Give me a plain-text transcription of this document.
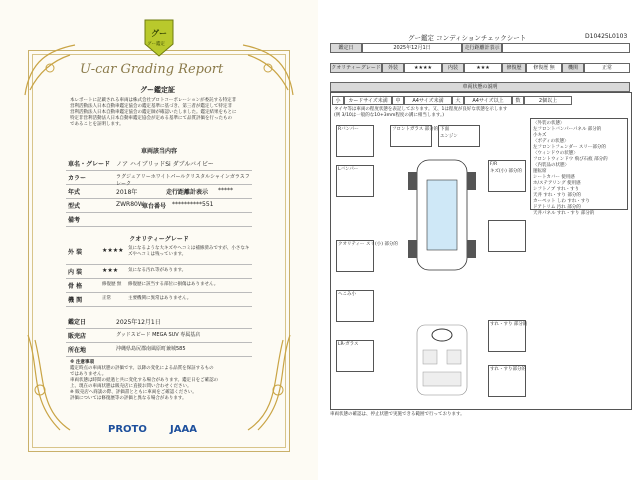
グー
グー鑑定
U-car Grading Report
グー鑑定証
本レポートに記載される車両は株式会社プロトコーポレーションが委託する特定非
営利活動法人日本自動車鑑定協会の鑑定基準に基づき、第三者が鑑定して特定非
営利活動法人日本自動車鑑定協会の鑑定師が確認いたしました。鑑定結果をもとに
特定非営利活動法人日本自動車鑑定協会が定める基準にて品質評価を行ったもの
であることを証明します。
車両該当内容
車名・グレード ノア ハイブリッドSi ダブルバイビー
カラー	ラグジュアリーホワイトパールクリスタルシャインガラスフレーク
年式	2018年	走行距離計表示 *****
型式	ZWR80W
車台番号 **********551
備考
クオリティーグレード
外 装	★★★★ 気になるような大キズやヘコミは補修済みですが、小さなキズやヘコミは残っています。
内 装	★★★ 気になる汚れ等があります。
骨 格	修復歴 無 修復歴に該当する部位に損傷はありません。
機 関	正常	主要機関に異常はありません。
鑑定日	2025年12月1日
販売店	グッドスピード MEGA SUV 専属基店
所在地	沖縄県島尻郡南風原町兼城585
※ 注意事項
鑑定時点の車両状態の評価です。以降の変化による品質を保証するもの
ではありません。
車両状態は時間の経過と共に変化する場合があります。鑑定日をご確認の
上、現在の車両状態は販売店に直接お問い合わせください。
※ 販売店へ商談の際、評価書とともに車両をご確認ください。
評価については修復歴等の評価と異なる場合があります。
PROTO JAAA
D10425L0103
グー鑑定 コンディションチェックシート
鑑定日	2025年12月1日	走行距離計表示
クオリティーグレード	外装	★★★★	内装	★★★	修復歴	修復歴 無	機関	正常
車両状態の説明
小	カードサイズ未満	中	A4サイズ未満	大	A4サイズ以上	数	2個以上
タイヤ等は車両の程度状態を表記しております。又、1は程度が良好な状態を示します
(例 3/10は一般的な10+3mm程度の溝に相当します。)
Rバンパー
Lバンパー
フロントガラス 部分的 下面
エンジン
F/R
キズ(小) 部分的
クオリティー スリ(小) 部分的
すれ・すり 部分的
ヘこみ小
LR-ガラス
すれ・すり部分的
〈外装の状態〉
左フロントバンパーパネル 部分的
小キズ
〈ボディの状態〉
左フロントフェンダー スリー部分的
〈ウィンドウの状態〉
フロントウィンドウ 飛び石痕 部分的
〈内装品の状態〉
運転席
シートカバー 使用感
ホ/ステアリング 使用感
シフトノブ すれ・すり
天井 すれ・すり 部分的
カーペット しわ すれ・すり
ドアトリム 汚れ 部分的
天井パネル すれ・すり 部分的
車両状態の確認は、停止状態で実施できる範囲で行っております。
